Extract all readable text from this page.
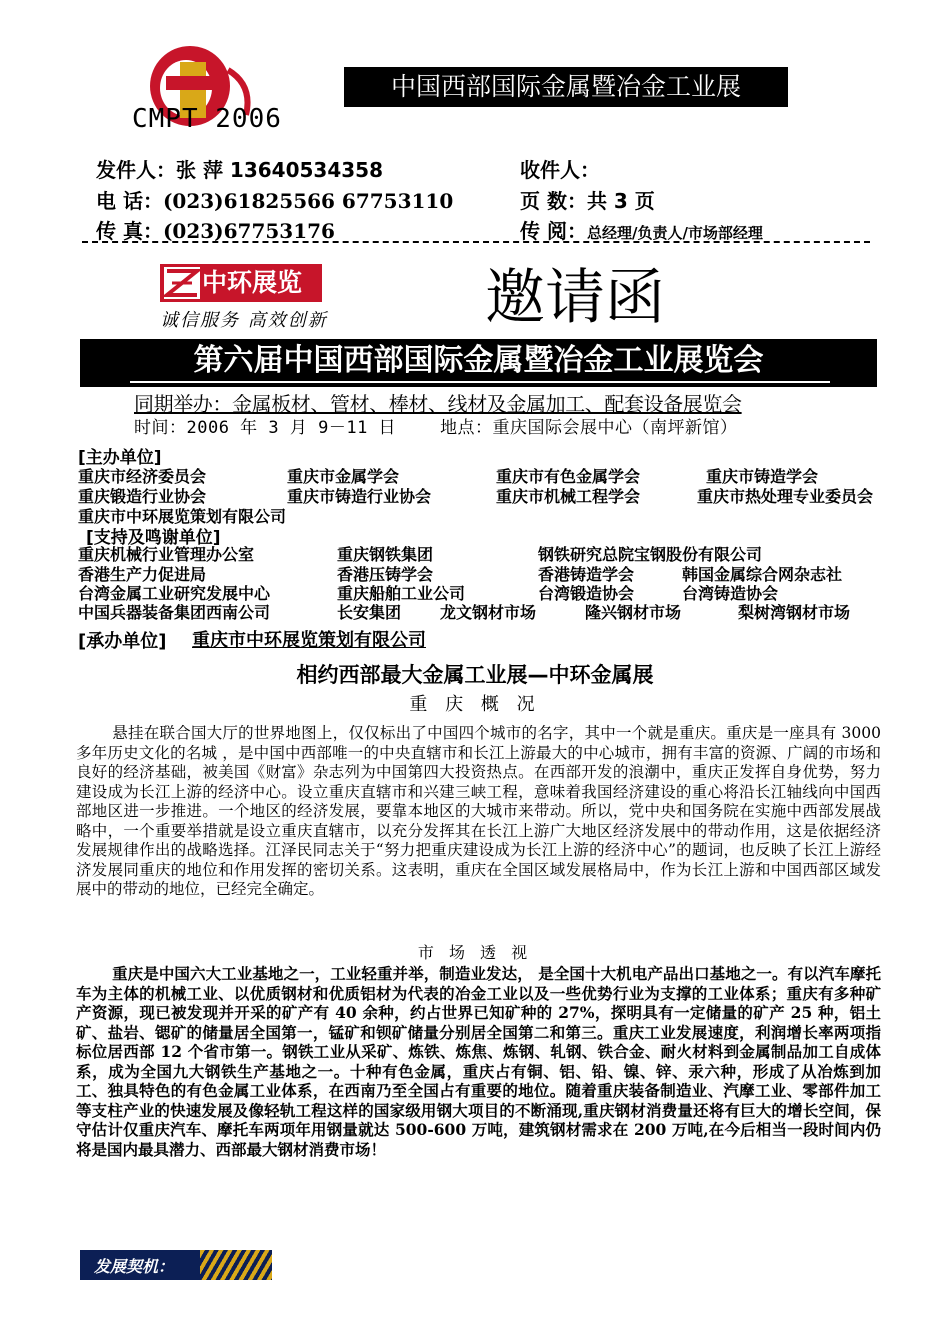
CMPT 2006
中国西部国际金属暨冶金工业展
发件人：张 萍 13640534358	收件人：
电 话：(023)61825566 67753110	页 数：共 3 页
传 真：(023)67753176	传 阅：总经理/负责人/市场部经理
中环展览
诚信服务 高效创新	邀请函
第六届中国西部国际金属暨冶金工业展览会
同期举办：金属板材、管材、棒材、线材及金属加工、配套设备展览会
时间：2006 年 3 月 9－11 日	地点：重庆国际会展中心（南坪新馆）
[主办单位]
重庆市经济委员会	重庆市金属学会	重庆市有色金属学会	重庆市铸造学会
重庆锻造行业协会	重庆市铸造行业协会	重庆市机械工程学会	重庆市热处理专业委员会
重庆市中环展览策划有限公司
[支持及鸣谢单位]
重庆机械行业管理办公室	重庆钢铁集团	钢铁研究总院宝钢股份有限公司
香港生产力促进局	香港压铸学会	香港铸造学会	韩国金属综合网杂志社
台湾金属工业研究发展中心	重庆船舶工业公司	台湾锻造协会	台湾铸造协会
中国兵器装备集团西南公司	长安集团 龙文钢材市场	隆兴钢材市场	梨树湾钢材市场
[承办单位] 重庆市中环展览策划有限公司
相约西部最大金属工业展—中环金属展
重 庆 概 况
悬挂在联合国大厅的世界地图上，仅仅标出了中国四个城市的名字，其中一个就是重庆。重庆是一座具有 3000 多年历史文化的名城 ，是中国中西部唯一的中央直辖市和长江上游最大的中心城市，拥有丰富的资源、广阔的市场和良好的经济基础，被美国《财富》杂志列为中国第四大投资热点。在西部开发的浪潮中，重庆正发挥自身优势，努力建设成为长江上游的经济中心。设立重庆直辖市和兴建三峡工程，意味着我国经济建设的重心将沿长江轴线向中国西部地区进一步推进。一个地区的经济发展，要靠本地区的大城市来带动。所以，党中央和国务院在实施中西部发展战略中，一个重要举措就是设立重庆直辖市，以充分发挥其在长江上游广大地区经济发展中的带动作用，这是依据经济发展规律作出的战略选择。江泽民同志关于“努力把重庆建设成为长江上游的经济中心”的题词，也反映了长江上游经济发展同重庆的地位和作用发挥的密切关系。这表明，重庆在全国区域发展格局中，作为长江上游和中国西部区域发展中的带动的地位，已经完全确定。
市 场 透 视
重庆是中国六大工业基地之一，工业轻重并举，制造业发达， 是全国十大机电产品出口基地之一。有以汽车摩托车为主体的机械工业、以优质钢材和优质铝材为代表的冶金工业以及一些优势行业为支撑的工业体系；重庆有多种矿产资源，现已被发现并开采的矿产有 40 余种，约占世界已知矿种的 27%，探明具有一定储量的矿产 25 种，铝土矿、盐岩、锶矿的储量居全国第一，锰矿和钡矿储量分别居全国第二和第三。重庆工业发展速度，利润增长率两项指标位居西部 12 个省市第一。钢铁工业从采矿、炼铁、炼焦、炼钢、轧钢、铁合金、耐火材料到金属制品加工自成体系，成为全国九大钢铁生产基地之一。十种有色金属，重庆占有铜、铝、铅、镍、锌、汞六种，形成了从冶炼到加工、独具特色的有色金属工业体系，在西南乃至全国占有重要的地位。随着重庆装备制造业、汽摩工业、零部件加工等支柱产业的快速发展及像轻轨工程这样的国家级用钢大项目的不断涌现,重庆钢材消费量还将有巨大的增长空间，保守估计仅重庆汽车、摩托车两项年用钢量就达 500-600 万吨，建筑钢材需求在 200 万吨,在今后相当一段时间内仍将是国内最具潜力、西部最大钢材消费市场！
发展契机：
